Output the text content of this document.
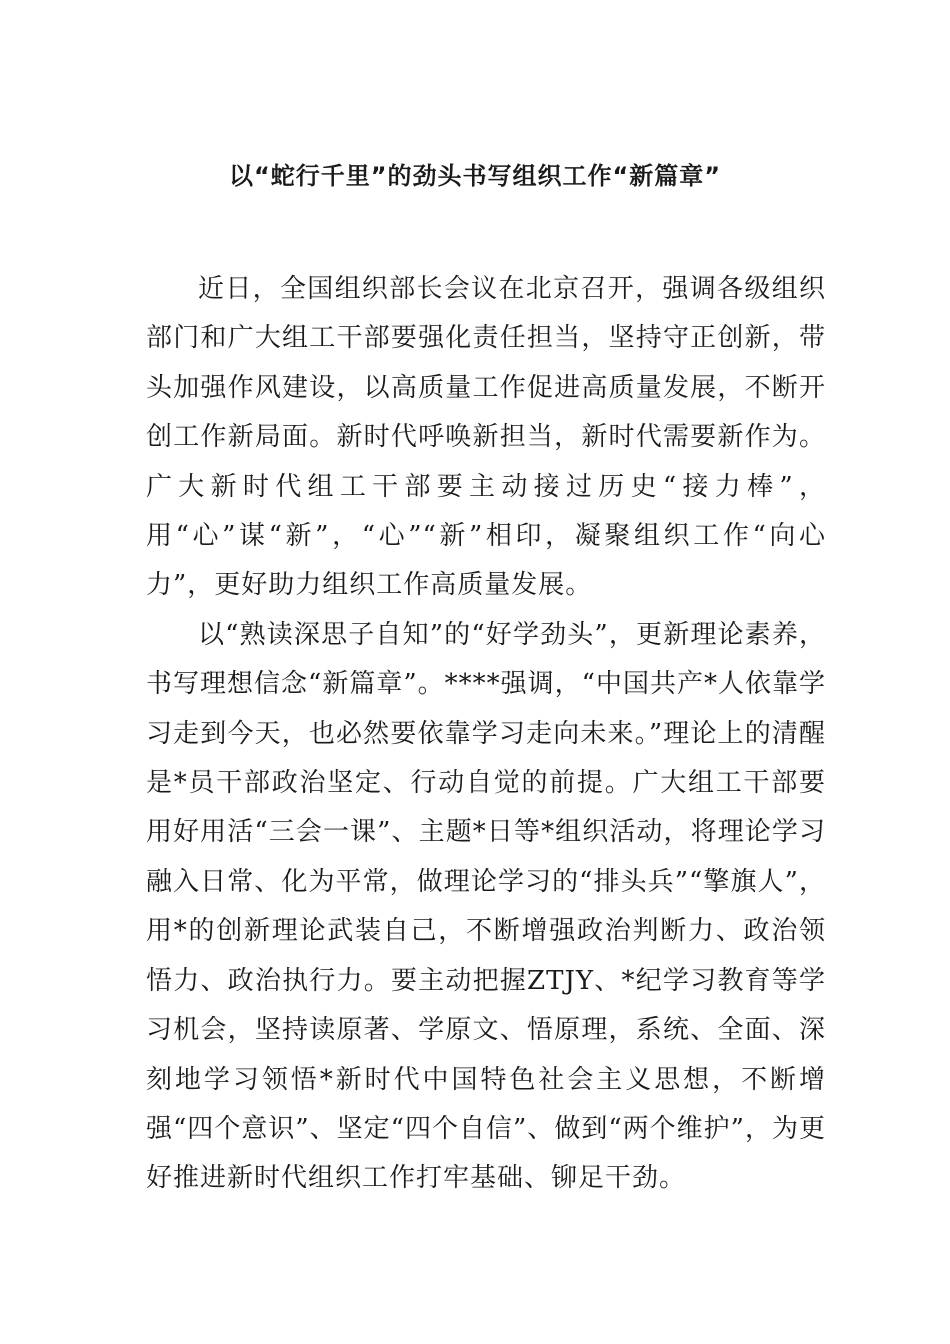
以“蛇行千里”的劲头书写组织工作“新篇章”

近日，全国组织部长会议在北京召开，强调各级组织部门和广大组工干部要强化责任担当，坚持守正创新，带头加强作风建设，以高质量工作促进高质量发展，不断开创工作新局面。新时代呼唤新担当，新时代需要新作为。广大新时代组工干部要主动接过历史“接力棒”，用“心”谋“新”，“心”“新”相印，凝聚组织工作“向心力”，更好助力组织工作高质量发展。

以“熟读深思子自知”的“好学劲头”，更新理论素养，书写理想信念“新篇章”。****强调，“中国共产*人依靠学习走到今天，也必然要依靠学习走向未来。”理论上的清醒是*员干部政治坚定、行动自觉的前提。广大组工干部要用好用活“三会一课”、主题*日等*组织活动，将理论学习融入日常、化为平常，做理论学习的“排头兵”“擎旗人”，用*的创新理论武装自己，不断增强政治判断力、政治领悟力、政治执行力。要主动把握ZTJY、*纪学习教育等学习机会，坚持读原著、学原文、悟原理，系统、全面、深刻地学习领悟*新时代中国特色社会主义思想，不断增强“四个意识”、坚定“四个自信”、做到“两个维护”，为更好推进新时代组织工作打牢基础、铆足干劲。
